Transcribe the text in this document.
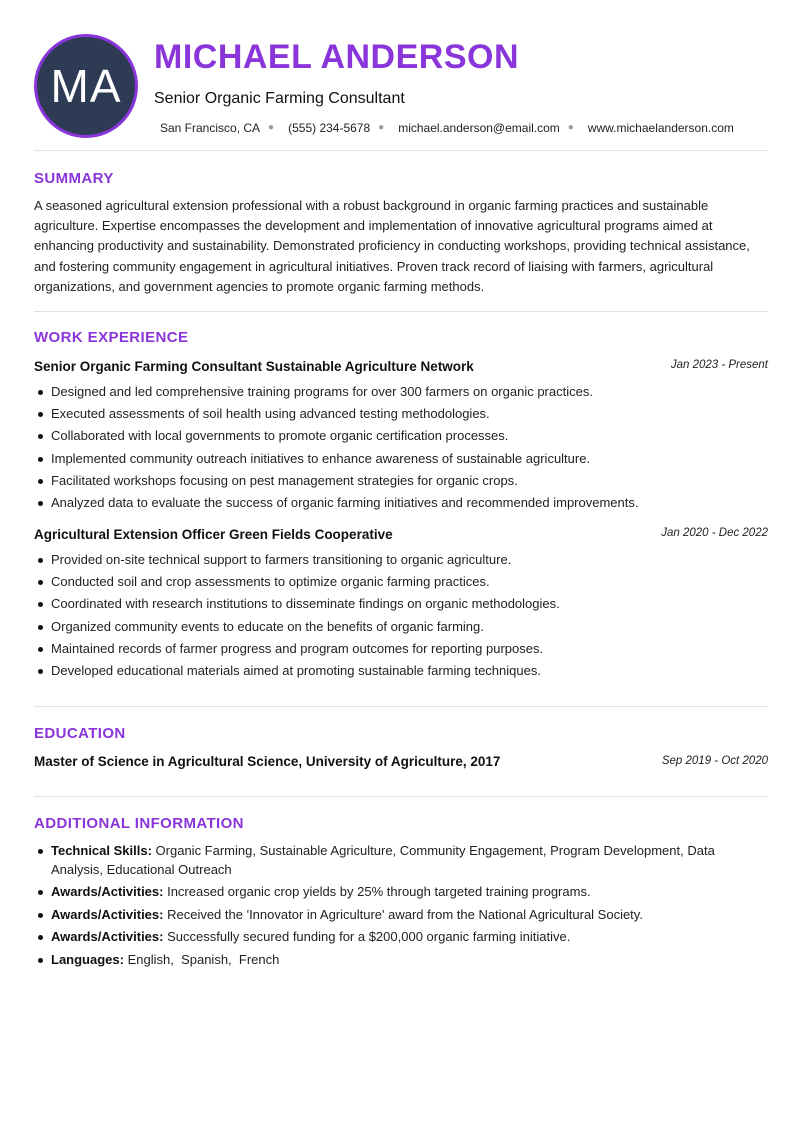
MA
MICHAEL ANDERSON
Senior Organic Farming Consultant
San Francisco, CA ● (555) 234-5678 ● michael.anderson@email.com ● www.michaelanderson.com
SUMMARY

A seasoned agricultural extension professional with a robust background in organic farming practices and sustainable agriculture. Expertise encompasses the development and implementation of innovative agricultural programs aimed at enhancing productivity and sustainability. Demonstrated proficiency in conducting workshops, providing technical assistance, and fostering community engagement in agricultural initiatives. Proven track record of liaising with farmers, agricultural organizations, and government agencies to promote organic farming methods.

WORK EXPERIENCE
Senior Organic Farming Consultant Sustainable Agriculture Network	Jan 2023 - Present
Designed and led comprehensive training programs for over 300 farmers on organic practices.
Executed assessments of soil health using advanced testing methodologies.
Collaborated with local governments to promote organic certification processes.
Implemented community outreach initiatives to enhance awareness of sustainable agriculture.
Facilitated workshops focusing on pest management strategies for organic crops.
Analyzed data to evaluate the success of organic farming initiatives and recommended improvements.
Agricultural Extension Officer Green Fields Cooperative	Jan 2020 - Dec 2022
Provided on-site technical support to farmers transitioning to organic agriculture.
Conducted soil and crop assessments to optimize organic farming practices.
Coordinated with research institutions to disseminate findings on organic methodologies.
Organized community events to educate on the benefits of organic farming.
Maintained records of farmer progress and program outcomes for reporting purposes.
Developed educational materials aimed at promoting sustainable farming techniques.
EDUCATION
Master of Science in Agricultural Science, University of Agriculture, 2017	Sep 2019 - Oct 2020
ADDITIONAL INFORMATION
Technical Skills: Organic Farming, Sustainable Agriculture, Community Engagement, Program Development, Data Analysis, Educational Outreach
Awards/Activities: Increased organic crop yields by 25% through targeted training programs.
Awards/Activities: Received the 'Innovator in Agriculture' award from the National Agricultural Society.
Awards/Activities: Successfully secured funding for a $200,000 organic farming initiative.
Languages: English,  Spanish,  French
